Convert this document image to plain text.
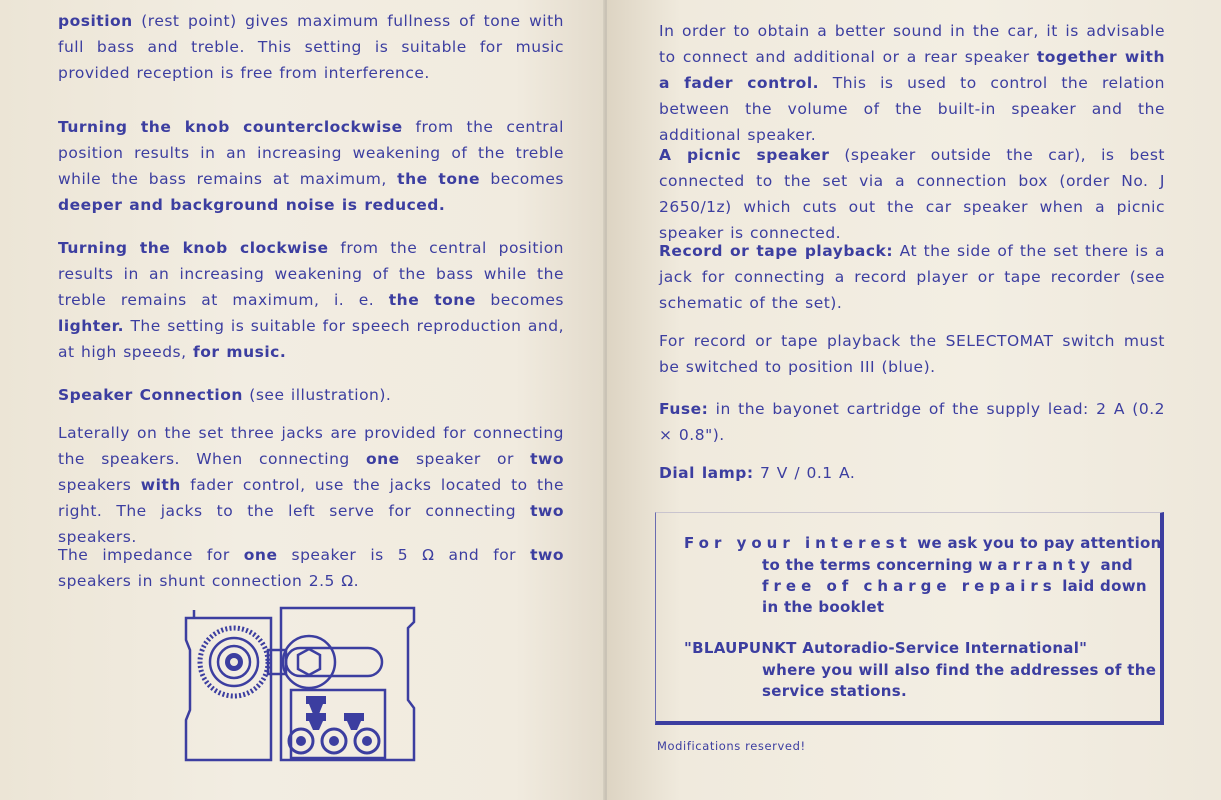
position (rest point) gives maximum fullness of tone with full bass and treble. This setting is suitable for music provided reception is free from interference.

Turning the knob counterclockwise from the central position results in an increasing weakening of the treble while the bass remains at maximum, the tone becomes deeper and background noise is reduced.

Turning the knob clockwise from the central position results in an increasing weakening of the bass while the treble remains at maximum, i. e. the tone becomes lighter. The setting is suitable for speech reproduction and, at high speeds, for music.

Speaker Connection (see illustration).

Laterally on the set three jacks are provided for connecting the speakers. When connecting one speaker or two speakers with fader control, use the jacks located to the right. The jacks to the left serve for connecting two speakers.

The impedance for one speaker is 5 Ω and for two speakers in shunt connection 2.5 Ω.

In order to obtain a better sound in the car, it is advisable to connect and additional or a rear speaker together with a fader control. This is used to control the relation between the volume of the built-in speaker and the additional speaker.

A picnic speaker (speaker outside the car), is best connected to the set via a connection box (order No. J 2650/1z) which cuts out the car speaker when a picnic speaker is connected.

Record or tape playback: At the side of the set there is a jack for connecting a record player or tape recorder (see schematic of the set).

For record or tape playback the SELECTOMAT switch must be switched to position III (blue).

Fuse: in the bayonet cartridge of the supply lead: 2 A (0.2 × 0.8").

Dial lamp: 7 V / 0.1 A.

For your interest we ask you to pay attention
to the terms concerning warranty and
free of charge repairs laid down
in the booklet
"BLAUPUNKT Autoradio-Service International"
where you will also find the addresses of the
service stations.
Modifications reserved!
